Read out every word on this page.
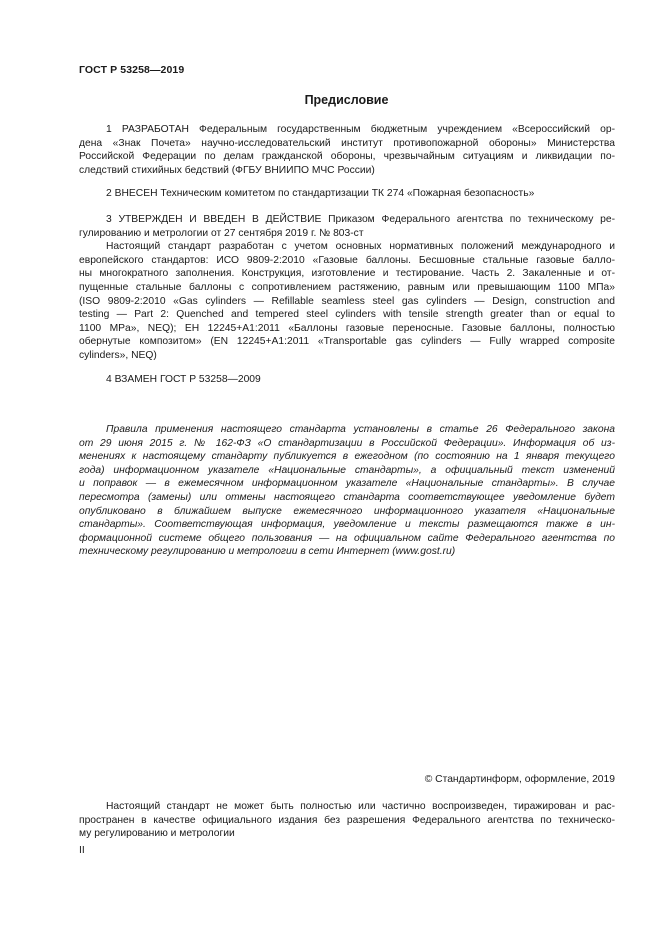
ГОСТ Р 53258—2019
Предисловие
1 РАЗРАБОТАН Федеральным государственным бюджетным учреждением «Всероссийский ор-
дена «Знак Почета» научно-исследовательский институт противопожарной обороны» Министерства
Российской Федерации по делам гражданской обороны, чрезвычайным ситуациям и ликвидации по-
следствий стихийных бедствий (ФГБУ ВНИИПО МЧС России)
2 ВНЕСЕН Техническим комитетом по стандартизации ТК 274 «Пожарная безопасность»
3 УТВЕРЖДЕН И ВВЕДЕН В ДЕЙСТВИЕ Приказом Федерального агентства по техническому ре-
гулированию и метрологии от 27 сентября 2019 г. № 803-ст
Настоящий стандарт разработан с учетом основных нормативных положений международного и
европейского стандартов: ИСО 9809-2:2010 «Газовые баллоны. Бесшовные стальные газовые балло-
ны многократного заполнения. Конструкция, изготовление и тестирование. Часть 2. Закаленные и от-
пущенные стальные баллоны с сопротивлением растяжению, равным или превышающим 1100 МПа»
(ISO 9809-2:2010 «Gas cylinders — Refillable seamless steel gas cylinders — Design, construction and
testing — Part 2: Quenched and tempered steel cylinders with tensile strength greater than or equal to
1100 MPa», NEQ); ЕН 12245+A1:2011 «Баллоны газовые переносные. Газовые баллоны, полностью
обернутые композитом» (EN 12245+A1:2011 «Transportable gas cylinders — Fully wrapped composite
cylinders», NEQ)
4 ВЗАМЕН ГОСТ Р 53258—2009
Правила применения настоящего стандарта установлены в статье 26 Федерального закона
от 29 июня 2015 г. № 162-ФЗ «О стандартизации в Российской Федерации». Информация об из-
менениях к настоящему стандарту публикуется в ежегодном (по состоянию на 1 января текущего
года) информационном указателе «Национальные стандарты», а официальный текст изменений
и поправок — в ежемесячном информационном указателе «Национальные стандарты». В случае
пересмотра (замены) или отмены настоящего стандарта соответствующее уведомление будет
опубликовано в ближайшем выпуске ежемесячного информационного указателя «Национальные
стандарты». Соответствующая информация, уведомление и тексты размещаются также в ин-
формационной системе общего пользования — на официальном сайте Федерального агентства по
техническому регулированию и метрологии в сети Интернет (www.gost.ru)
© Стандартинформ, оформление, 2019
Настоящий стандарт не может быть полностью или частично воспроизведен, тиражирован и рас-
пространен в качестве официального издания без разрешения Федерального агентства по техническо-
му регулированию и метрологии
II
